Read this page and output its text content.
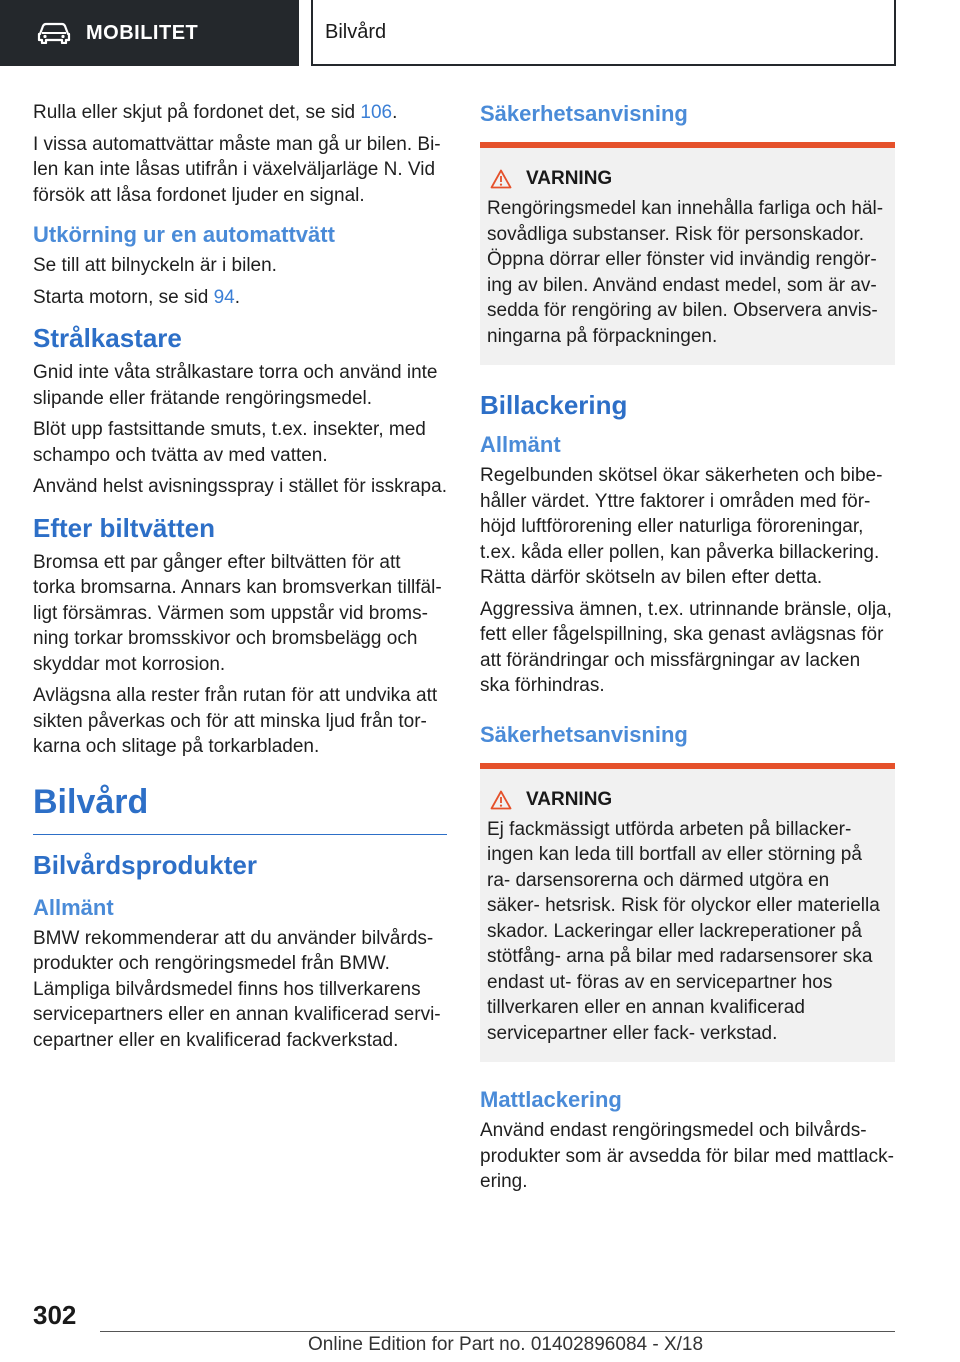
MOBILITET	Bilvård

Rulla eller skjut på fordonet det, se sid 106.

I vissa automattvättar måste man gå ur bilen. Bi- len kan inte låsas utifrån i växelväljarläge N. Vid försök att låsa fordonet ljuder en signal.

Utkörning ur en automattvätt

Se till att bilnyckeln är i bilen.

Starta motorn, se sid 94.

Strålkastare

Gnid inte våta strålkastare torra och använd inte slipande eller frätande rengöringsmedel.

Blöt upp fastsittande smuts, t.ex. insekter, med schampo och tvätta av med vatten.

Använd helst avisningsspray i stället för isskrapa.

Efter biltvätten

Bromsa ett par gånger efter biltvätten för att torka bromsarna. Annars kan bromsverkan tillfäl- ligt försämras. Värmen som uppstår vid broms- ning torkar bromsskivor och bromsbelägg och skyddar mot korrosion.

Avlägsna alla rester från rutan för att undvika att sikten påverkas och för att minska ljud från tor- karna och slitage på torkarbladen.

Bilvård
Bilvårdsprodukter
Allmänt

BMW rekommenderar att du använder bilvårds- produkter och rengöringsmedel från BMW. Lämpliga bilvårdsmedel finns hos tillverkarens servicepartners eller en annan kvalificerad servi- cepartner eller en kvalificerad fackverkstad.

Säkerhetsanvisning
VARNING

Rengöringsmedel kan innehålla farliga och häl- sovådliga substanser. Risk för personskador. Öppna dörrar eller fönster vid invändig rengör- ing av bilen. Använd endast medel, som är av- sedda för rengöring av bilen. Observera anvis- ningarna på förpackningen.

Billackering
Allmänt

Regelbunden skötsel ökar säkerheten och bibe- håller värdet. Yttre faktorer i områden med för- höjd luftförorening eller naturliga föroreningar, t.ex. kåda eller pollen, kan påverka billackering. Rätta därför skötseln av bilen efter detta.

Aggressiva ämnen, t.ex. utrinnande bränsle, olja, fett eller fågelspillning, ska genast avlägsnas för att förändringar och missfärgningar av lacken ska förhindras.

Säkerhetsanvisning
VARNING

Ej fackmässigt utförda arbeten på billacker- ingen kan leda till bortfall av eller störning på ra- darsensorerna och därmed utgöra en säker- hetsrisk. Risk för olyckor eller materiella skador. Lackeringar eller lackreperationer på stötfång- arna på bilar med radarsensorer ska endast ut- föras av en servicepartner hos tillverkaren eller en annan kvalificerad servicepartner eller fack- verkstad.

Mattlackering

Använd endast rengöringsmedel och bilvårds- produkter som är avsedda för bilar med mattlack- ering.

302
Online Edition for Part no. 01402896084 - X/18
